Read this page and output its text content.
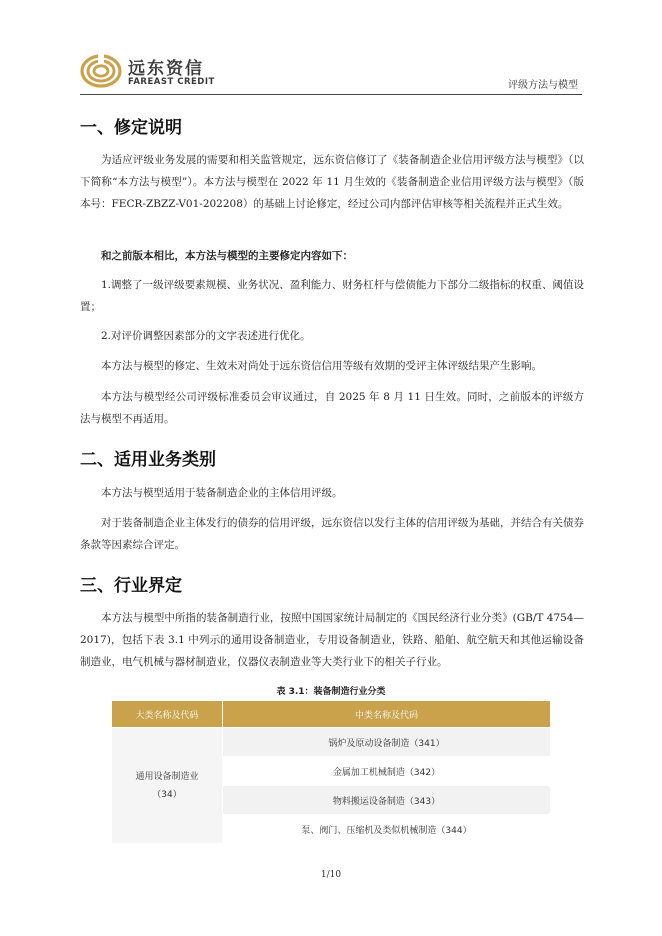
远东资信
FAREAST CREDIT	评级方法与模型
一、修定说明

为适应评级业务发展的需要和相关监管规定，远东资信修订了《装备制造企业信用评级方法与模型》（以下简称“本方法与模型”）。本方法与模型在 2022 年 11 月生效的《装备制造企业信用评级方法与模型》（版本号：FECR-ZBZZ-V01-202208）的基础上讨论修定，经过公司内部评估审核等相关流程并正式生效。

和之前版本相比，本方法与模型的主要修定内容如下：

1.调整了一级评级要素规模、业务状况、盈利能力、财务杠杆与偿债能力下部分二级指标的权重、阈值设置；

2.对评价调整因素部分的文字表述进行优化。

本方法与模型的修定、生效未对尚处于远东资信信用等级有效期的受评主体评级结果产生影响。

本方法与模型经公司评级标准委员会审议通过，自 2025 年 8 月 11 日生效。同时，之前版本的评级方法与模型不再适用。

二、适用业务类别

本方法与模型适用于装备制造企业的主体信用评级。

对于装备制造企业主体发行的债券的信用评级，远东资信以发行主体的信用评级为基础，并结合有关债券条款等因素综合评定。

三、行业界定

本方法与模型中所指的装备制造行业，按照中国国家统计局制定的《国民经济行业分类》(GB/T 4754—2017)，包括下表 3.1 中列示的通用设备制造业，专用设备制造业，铁路、船舶、航空航天和其他运输设备制造业，电气机械与器材制造业，仪器仪表制造业等大类行业下的相关子行业。

表 3.1：装备制造行业分类
大类名称及代码	中类名称及代码
通用设备制造业
（34）	锅炉及原动设备制造（341）
	金属加工机械制造（342）
	物料搬运设备制造（343）
	泵、阀门、压缩机及类似机械制造（344）
1/10
